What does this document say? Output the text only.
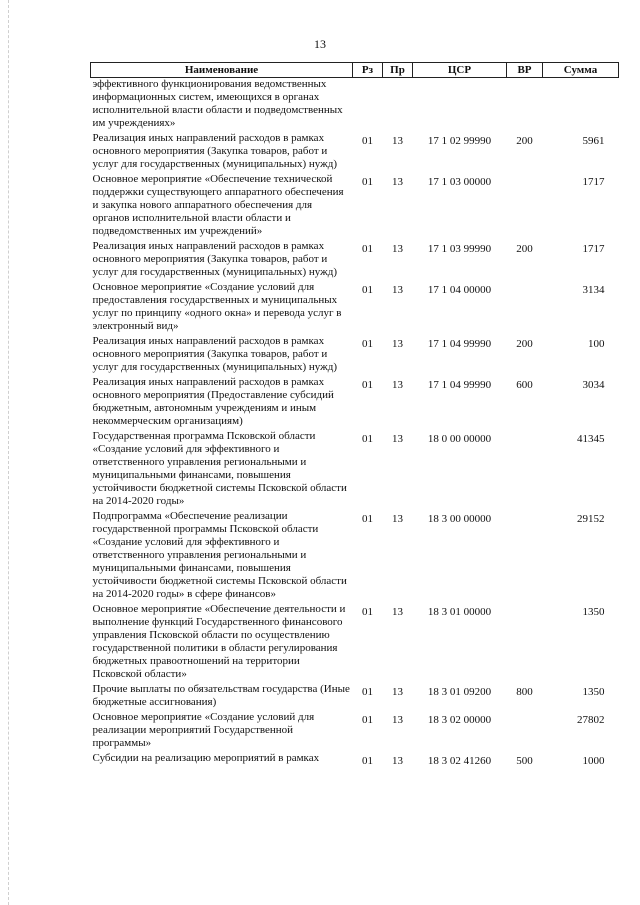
13
Наименование	Рз	Пр	ЦСР	ВР	Сумма
эффективного функционирования ведомственных информационных систем, имеющихся в органах исполнительной власти области и подведомственных им учреждениях»					
Реализация иных направлений расходов в рамках основного мероприятия (Закупка товаров, работ и услуг для государственных (муниципальных) нужд)	01	13	17 1 02 99990	200	5961
Основное мероприятие «Обеспечение технической поддержки существующего аппаратного обеспечения и закупка нового аппаратного обеспечения для органов исполнительной власти области и подведомственных им учреждений»	01	13	17 1 03 00000		1717
Реализация иных направлений расходов в рамках основного мероприятия (Закупка товаров, работ и услуг для государственных (муниципальных) нужд)	01	13	17 1 03 99990	200	1717
Основное мероприятие «Создание условий для предоставления государственных и муниципальных услуг по принципу «одного окна» и перевода услуг в электронный вид»	01	13	17 1 04 00000		3134
Реализация иных направлений расходов в рамках основного мероприятия (Закупка товаров, работ и услуг для государственных (муниципальных) нужд)	01	13	17 1 04 99990	200	100
Реализация иных направлений расходов в рамках основного мероприятия (Предоставление субсидий бюджетным, автономным учреждениям и иным некоммерческим организациям)	01	13	17 1 04 99990	600	3034
Государственная программа Псковской области «Создание условий для эффективного и ответственного управления региональными и муниципальными финансами, повышения устойчивости бюджетной системы Псковской области на 2014-2020 годы»	01	13	18 0 00 00000		41345
Подпрограмма «Обеспечение реализации государственной программы Псковской области «Создание условий для эффективного и ответственного управления региональными и муниципальными финансами, повышения устойчивости бюджетной системы Псковской области на 2014-2020 годы» в сфере финансов»	01	13	18 3 00 00000		29152
Основное мероприятие «Обеспечение деятельности и выполнение функций Государственного финансового управления Псковской области по осуществлению государственной политики в области регулирования бюджетных правоотношений на территории Псковской области»	01	13	18 3 01 00000		1350
Прочие выплаты по обязательствам государства (Иные бюджетные ассигнования)	01	13	18 3 01 09200	800	1350
Основное мероприятие «Создание условий для реализации мероприятий Государственной программы»	01	13	18 3 02 00000		27802
Субсидии на реализацию мероприятий в рамках	01	13	18 3 02 41260	500	1000
